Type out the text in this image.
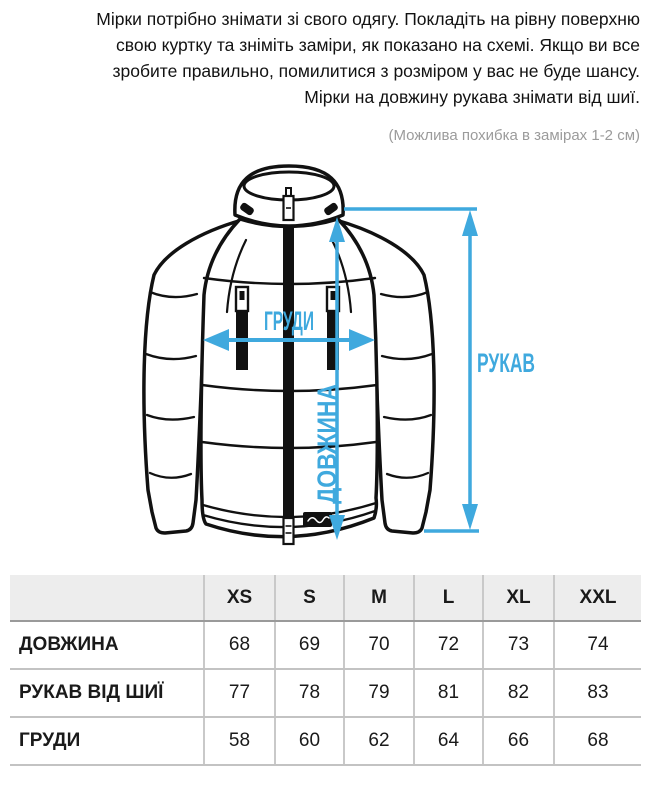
Мірки потрібно знімати зі свого одягу. Покладіть на рівну поверхню
свою куртку та зніміть заміри, як показано на схемі. Якщо ви все
зробите правильно, помилитися з розміром у вас не буде шансу.
Мірки на довжину рукава знімати від шиї.
(Можлива похибка в замірах 1-2 см)
ГРУДИ
ДОВЖИНА	РУКАВ
	XS	S	M	L	XL	XXL
ДОВЖИНА	68	69	70	72	73	74
РУКАВ ВІД ШИЇ	77	78	79	81	82	83
ГРУДИ	58	60	62	64	66	68
